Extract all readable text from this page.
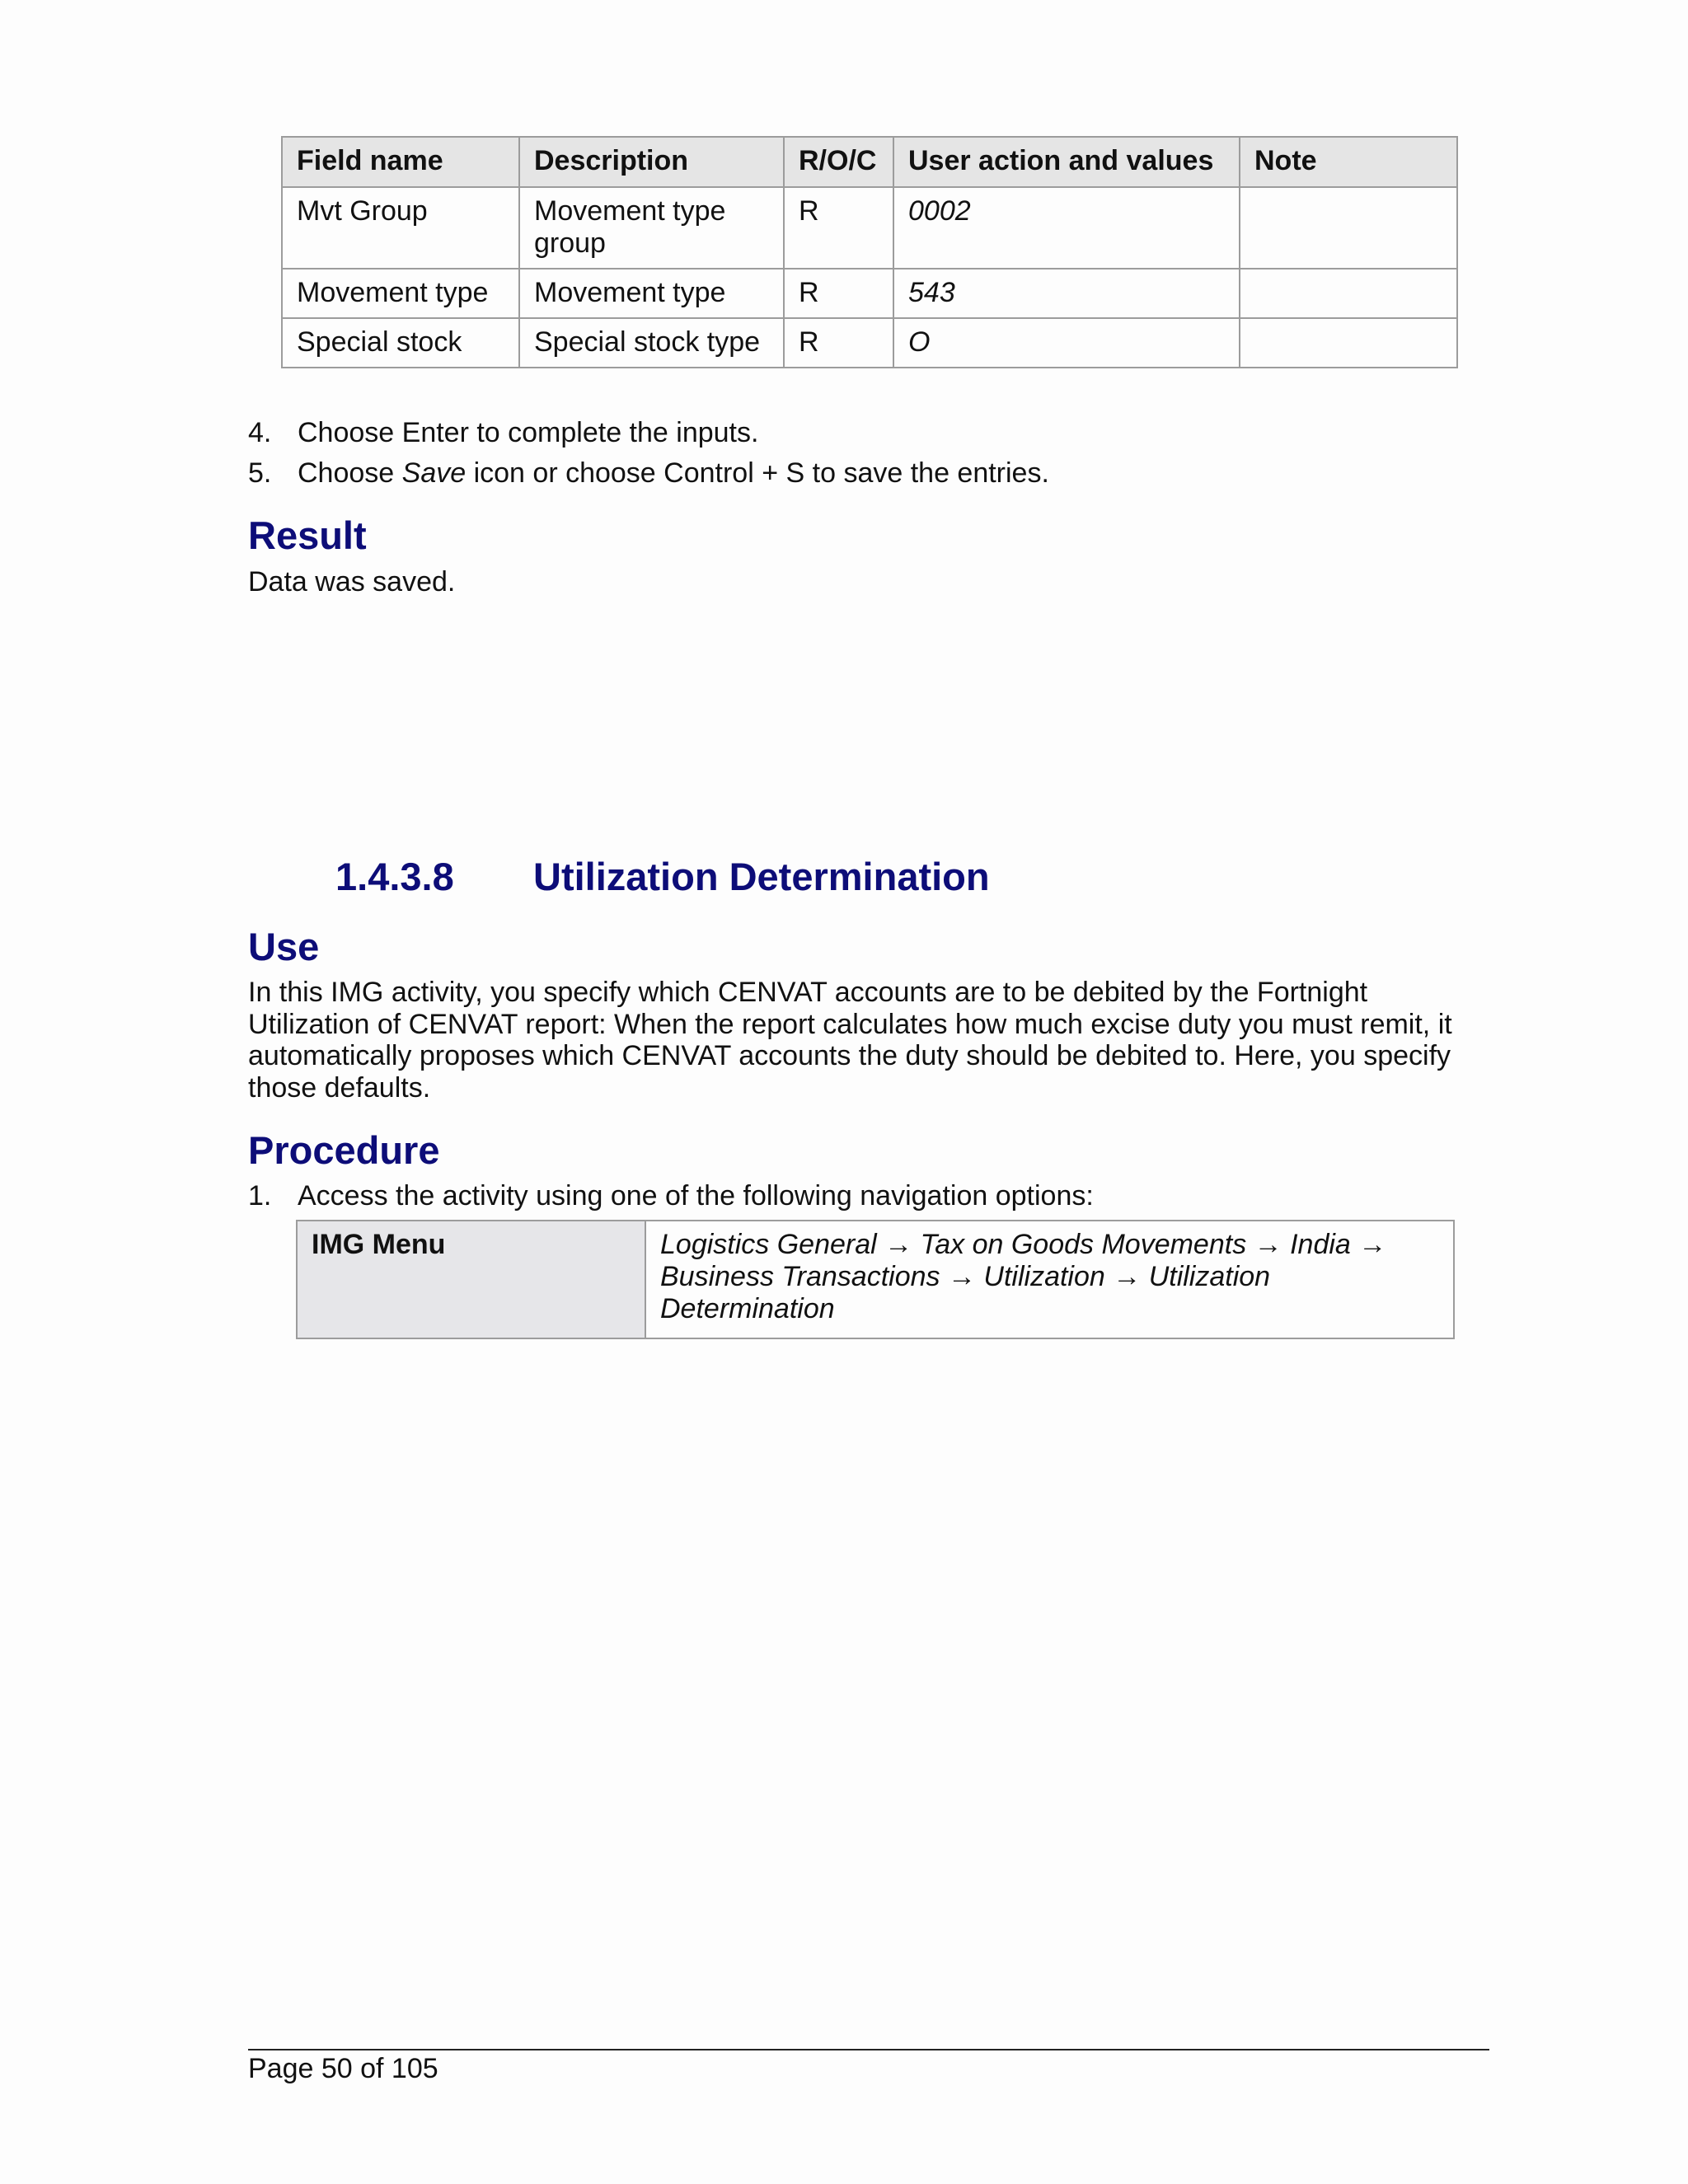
Field name	Description	R/O/C	User action and values	Note
Mvt Group	Movement type group	R	0002	
Movement type	Movement type	R	543	
Special stock	Special stock type	R	O	
4. Choose Enter to complete the inputs.
5. Choose Save icon or choose Control + S to save the entries.
Result
Data was saved.
1.4.3.8 Utilization Determination
Use
In this IMG activity, you specify which CENVAT accounts are to be debited by the Fortnight
Utilization of CENVAT report: When the report calculates how much excise duty you must remit, it
automatically proposes which CENVAT accounts the duty should be debited to. Here, you specify
those defaults.
Procedure
1. Access the activity using one of the following navigation options:
IMG Menu	Logistics General → Tax on Goods Movements → India →
Business Transactions → Utilization → Utilization
Determination
Page 50 of 105
